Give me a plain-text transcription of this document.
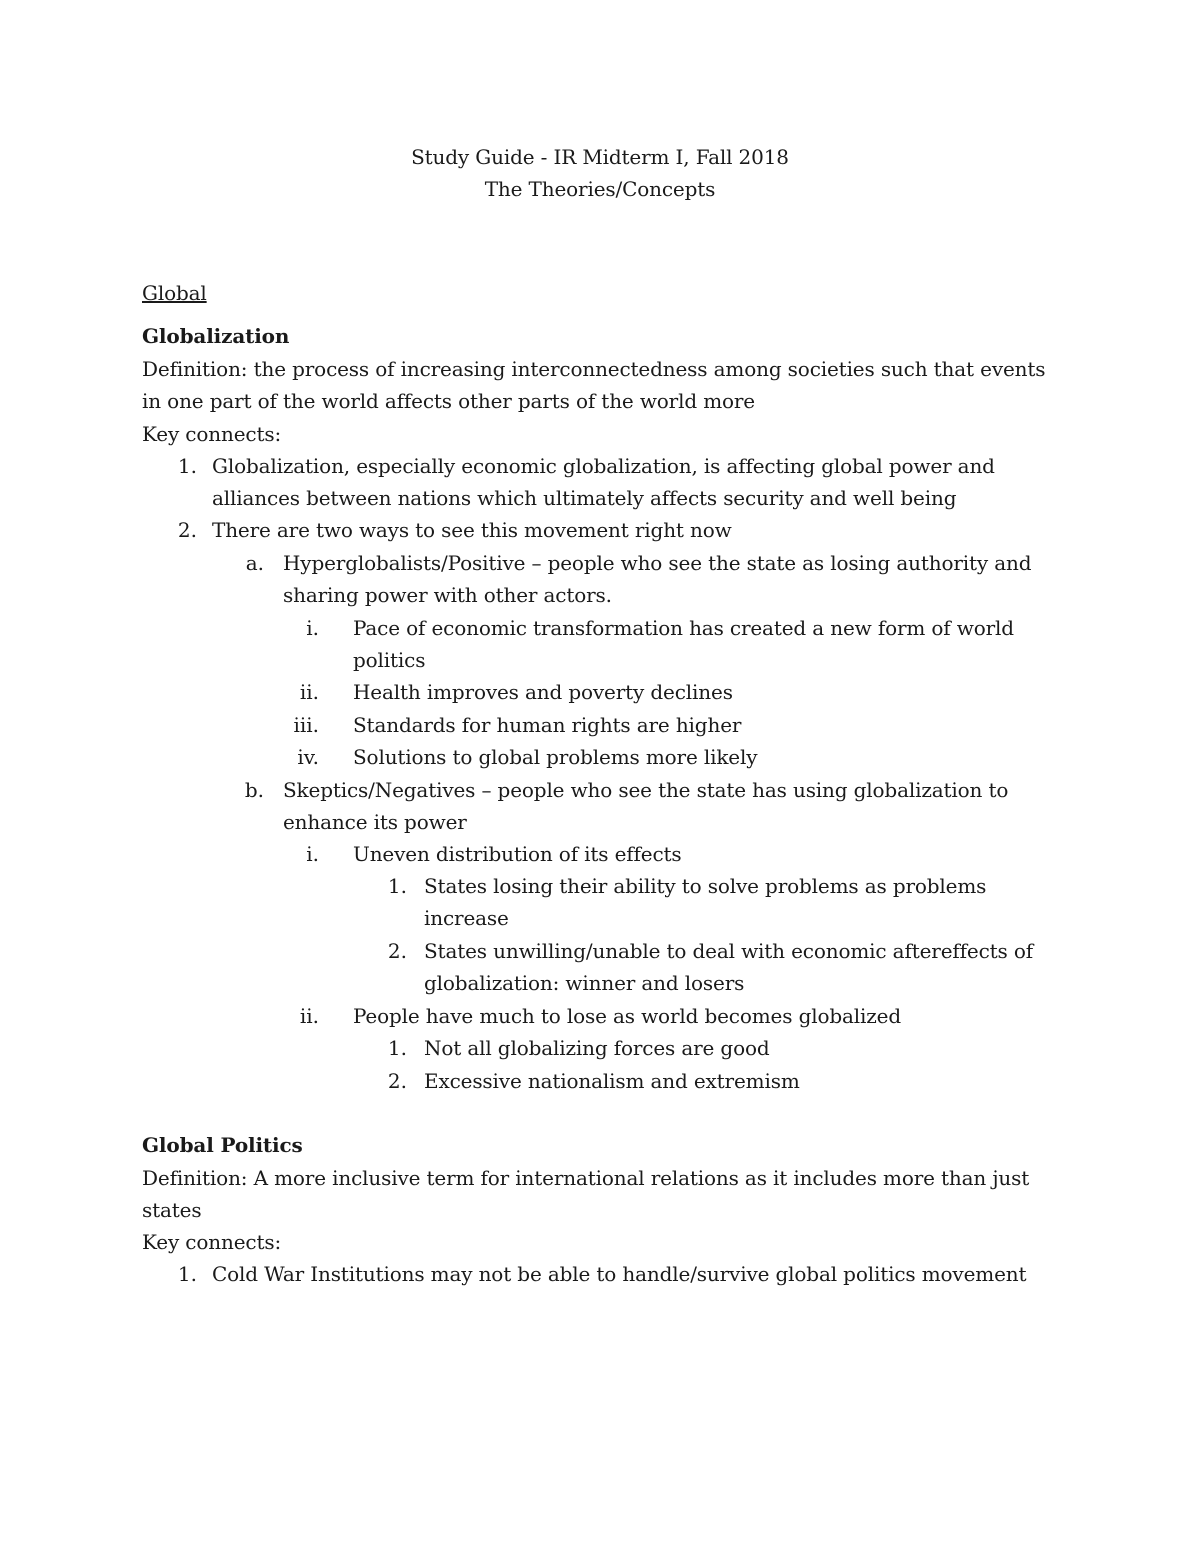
Study Guide - IR Midterm I, Fall 2018
The Theories/Concepts
Global
Globalization
Definition: the process of increasing interconnectedness among societies such that events
in one part of the world affects other parts of the world more
Key connects:
1. Globalization, especially economic globalization, is affecting global power and
alliances between nations which ultimately affects security and well being
2. There are two ways to see this movement right now
a. Hyperglobalists/Positive – people who see the state as losing authority and
sharing power with other actors.
i. Pace of economic transformation has created a new form of world
politics
ii. Health improves and poverty declines
iii. Standards for human rights are higher
iv. Solutions to global problems more likely
b. Skeptics/Negatives – people who see the state has using globalization to
enhance its power
i. Uneven distribution of its effects
1. States losing their ability to solve problems as problems
increase
2. States unwilling/unable to deal with economic aftereffects of
globalization: winner and losers
ii. People have much to lose as world becomes globalized
1. Not all globalizing forces are good
2. Excessive nationalism and extremism
Global Politics
Definition: A more inclusive term for international relations as it includes more than just
states
Key connects:
1. Cold War Institutions may not be able to handle/survive global politics movement
